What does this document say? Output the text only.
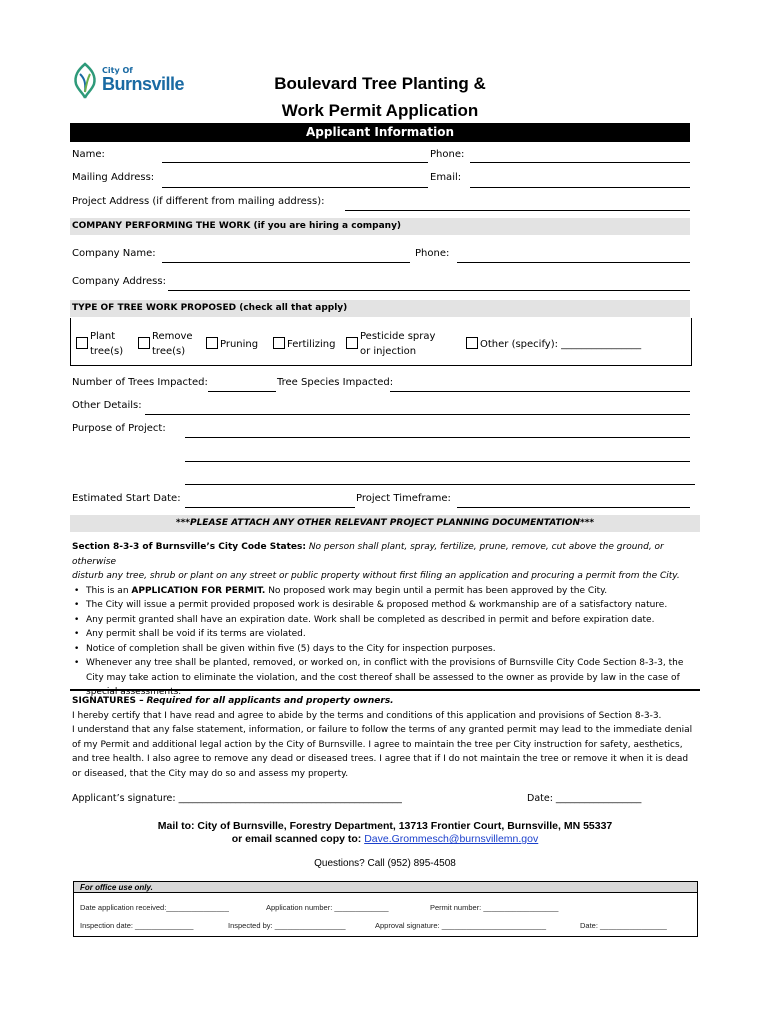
City Of
Burnsville	Boulevard Tree Planting &
Work Permit Application
Applicant Information
Name:	Phone:
Mailing Address:	Email:
Project Address (if different from mailing address):
COMPANY PERFORMING THE WORK (if you are hiring a company)
Company Name:	Phone:
Company Address:
TYPE OF TREE WORK PROPOSED (check all that apply)
Plant
tree(s)
Remove
tree(s)
Pruning	Fertilizing
Pesticide spray
or injection
Other (specify): ________________
Number of Trees Impacted:	Tree Species Impacted:
Other Details:
Purpose of Project:
Estimated Start Date:	Project Timeframe:
***PLEASE ATTACH ANY OTHER RELEVANT PROJECT PLANNING DOCUMENTATION***
Section 8-3-3 of Burnsville’s City Code States: No person shall plant, spray, fertilize, prune, remove, cut above the ground, or otherwise
disturb any tree, shrub or plant on any street or public property without first filing an application and procuring a permit from the City.
• This is an APPLICATION FOR PERMIT. No proposed work may begin until a permit has been approved by the City.
• The City will issue a permit provided proposed work is desirable & proposed method & workmanship are of a satisfactory nature.
• Any permit granted shall have an expiration date. Work shall be completed as described in permit and before expiration date.
• Any permit shall be void if its terms are violated.
• Notice of completion shall be given within five (5) days to the City for inspection purposes.
• Whenever any tree shall be planted, removed, or worked on, in conflict with the provisions of Burnsville City Code Section 8-3-3, the City may take action to eliminate the violation, and the cost thereof shall be assessed to the owner as provide by law in the case of special assessments.
SIGNATURES – Required for all applicants and property owners.
I hereby certify that I have read and agree to abide by the terms and conditions of this application and provisions of Section 8-3-3.
I understand that any false statement, information, or failure to follow the terms of any granted permit may lead to the immediate denial of my Permit and additional legal action by the City of Burnsville. I agree to maintain the tree per City instruction for safety, aesthetics, and tree health. I also agree to remove any dead or diseased trees. I agree that if I do not maintain the tree or remove it when it is dead or diseased, that the City may do so and assess my property.
Applicant’s signature: _______________________________________________	Date: __________________
Mail to: City of Burnsville, Forestry Department, 13713 Frontier Court, Burnsville, MN 55337
or email scanned copy to: Dave.Grommesch@burnsvillemn.gov
Questions? Call (952) 895-4508
For office use only.
Date application received:_______________	Application number: _____________	Permit number: __________________
Inspection date: ______________	Inspected by: _________________	Approval signature: _________________________	Date: ________________
